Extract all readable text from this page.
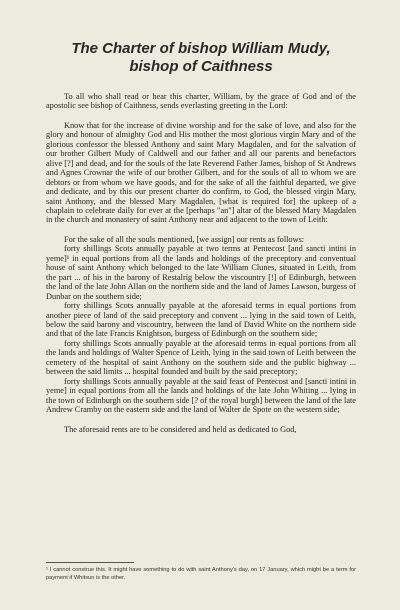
The Charter of bishop William Mudy,
bishop of Caithness

To all who shall read or hear this charter, William, by the grace of God and of the apostolic see bishop of Caithness, sends everlasting greeting in the Lord:

Know that for the increase of divine worship and for the sake of love, and also for the glory and honour of almighty God and His mother the most glorious virgin Mary and of the glorious confessor the blessed Anthony and saint Mary Magdalen, and for the salvation of our brother Gilbert Mudy of Caldwell and our father and all our parents and benefactors alive [?] and dead, and for the souls of the late Reverend Father James, bishop of St Andrews and Agnes Crownar the wife of our brother Gilbert, and for the souls of all to whom we are debtors or from whom we have goods, and for the sake of all the faithful departed, we give and dedicate, and by this our present charter do confirm, to God, the blessed virgin Mary, saint Anthony, and the blessed Mary Magdalen, [what is required for] the upkeep of a chaplain to celebrate daily for ever at the [perhaps "an"] altar of the blessed Mary Magdalen in the church and monastery of saint Anthony near and adjacent to the town of Leith:

For the sake of all the souls mentioned, [we assign] our rents as follows:

forty shillings Scots annually payable at two terms at Pentecost [and sancti intini in yeme]¹ in equal portions from all the lands and holdings of the preceptory and conventual house of saint Anthony which belonged to the late William Clunes, situated in Leith, from the part ... of his in the barony of Restalrig below the viscountry [!] of Edinburgh, between the land of the late John Allan on the northern side and the land of James Lawson, burgess of Dunbar on the southern side;

forty shillings Scots annually payable at the aforesaid terms in equal portions from another piece of land of the said preceptory and convent ... lying in the said town of Leith, below the said barony and viscountry, between the land of David White on the northern side and that of the late Francis Knightson, burgess of Edinburgh on the southern side;

forty shillings Scots annually payable at the aforesaid terms in equal portions from all the lands and holdings of Walter Spence of Leith, lying in the said town of Leith between the cemetery of the hospital of saint Anthony on the southern side and the public highway ... between the said limits ... hospital founded and built by the said preceptory;

forty shillings Scots annually payable at the said feast of Pentecost and [sancti intini in yeme] in equal portions from all the lands and holdings of the late John Whiting ... lying in the town of Edinburgh on the southern side [? of the royal burgh] between the land of the late Andrew Cramby on the eastern side and the land of Walter de Spote on the western side;

The aforesaid rents are to be considered and held as dedicated to God,

¹ I cannot construe this. It might have something to do with saint Anthony's day, on 17 January, which might be a term for payment if Whitsun is the other.
